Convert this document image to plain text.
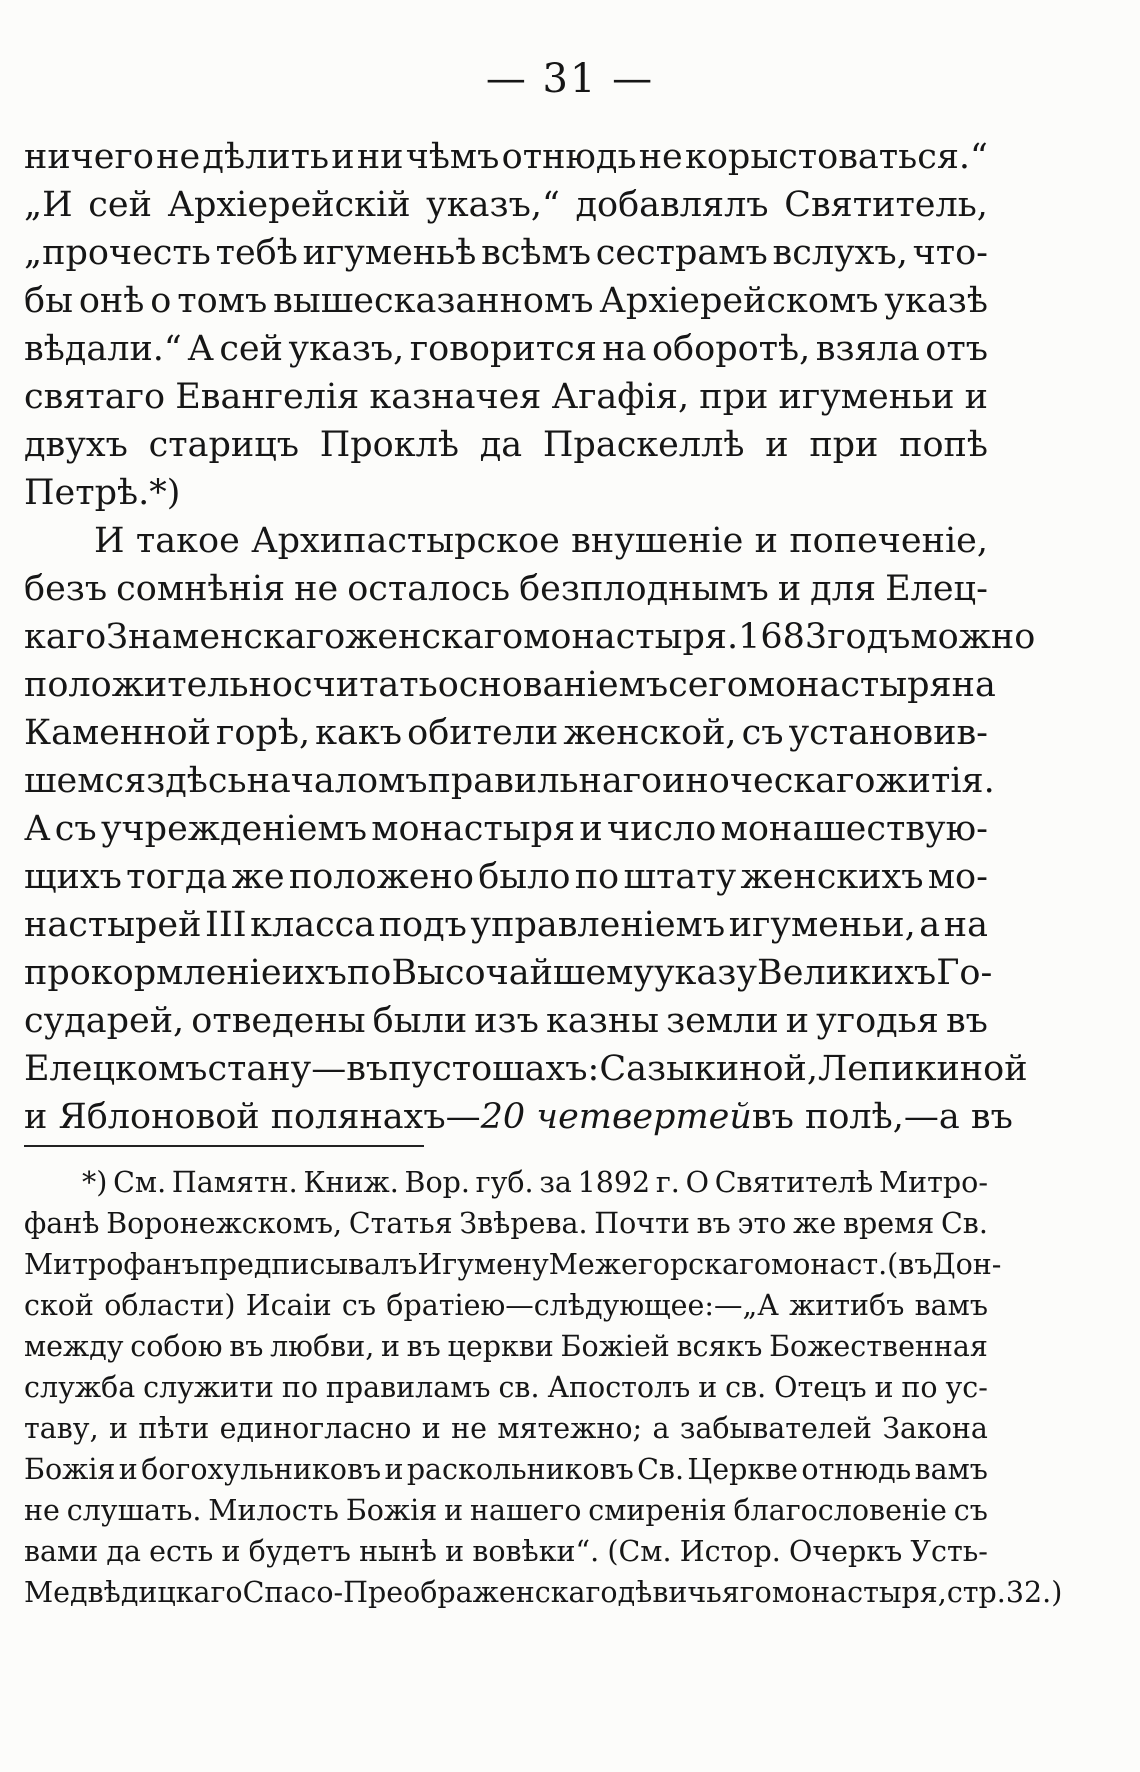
— 31 —
ничего не дѣлить и ни чѣмъ отнюдь не корыстоваться.“
„И сей Архіерейскій указъ,“ добавлялъ Святитель,
„прочесть тебѣ игуменьѣ всѣмъ сестрамъ вслухъ, что-
бы онѣ о томъ вышесказанномъ Архіерейскомъ указѣ
вѣдали.“ А сей указъ, говорится на оборотѣ, взяла отъ
святаго Евангелія казначея Агафія, при игуменьи и
двухъ старицъ Проклѣ да Праскеллѣ и при попѣ
Петрѣ.*)
И такое Архипастырское внушеніе и попеченіе,
безъ сомнѣнія не осталось безплоднымъ и для Елец-
каго Знаменскаго женскаго монастыря. 1683 годъ можно
положительно считать основаніемъ сего монастыря на
Каменной горѣ, какъ обители женской, съ установив-
шемся здѣсь началомъ правильнаго иноческаго житія.
А съ учрежденіемъ монастыря и число монашествую-
щихъ тогда же положено было по штату женскихъ мо-
настырей III класса подъ управленіемъ игуменьи, а на
прокормленіе ихъ по Высочайшему указу Великихъ Го-
сударей, отведены были изъ казны земли и угодья въ
Елецкомъ стану—въ пустошахъ: Сазыкиной, Лепикиной
и Яблоновой полянахъ— 20 четвертей въ полѣ,—а въ
*) См. Памятн. Книж. Вор. губ. за 1892 г. О Святителѣ Митро-
фанѣ Воронежскомъ, Статья Звѣрева. Почти въ это же время Св.
Митрофанъ предписывалъ Игумену Межегорскаго монаст. (въ Дон-
ской области) Исаіи съ братіею—слѣдующее:—„А житибъ вамъ
между собою въ любви, и въ церкви Божіей всякъ Божественная
служба служити по правиламъ св. Апостолъ и св. Отецъ и по ус-
таву, и пѣти единогласно и не мятежно; а забывателей Закона
Божія и богохульниковъ и раскольниковъ Св. Церкве отнюдь вамъ
не слушать. Милость Божія и нашего смиренія благословеніе съ
вами да есть и будетъ нынѣ и вовѣки“. (См. Истор. Очеркъ Усть-
Медвѣдицкаго Спасо-Преображенскаго дѣвичьяго монастыря, стр. 32.)
